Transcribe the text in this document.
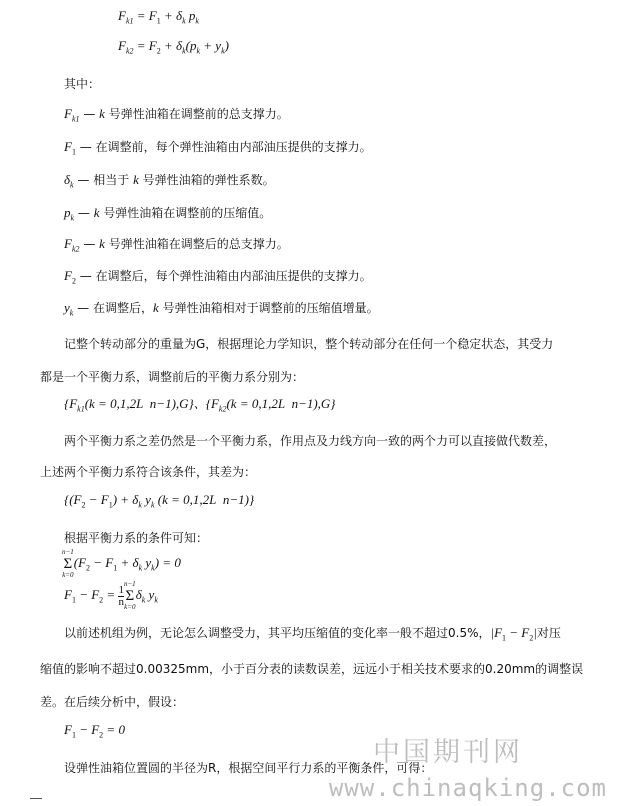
$F_{k1} = F_1 + \delta_k$ $p_k$
$F_{k2} = F_2 + \delta_k(p_k + y_k)$
其中：
$F_{k1}$ — k 号弹性油箱在调整前的总支撑力。
$F_1$ — 在调整前，每个弹性油箱由内部油压提供的支撑力。
$\delta_k$ — 相当于 k 号弹性油箱的弹性系数。
$p_k$ — k 号弹性油箱在调整前的压缩值。
$F_{k2}$ — k 号弹性油箱在调整后的总支撑力。
$F_2$ — 在调整后，每个弹性油箱由内部油压提供的支撑力。
$y_k$ — 在调整后，k 号弹性油箱相对于调整前的压缩值增量。
记整个转动部分的重量为G，根据理论力学知识，整个转动部分在任何一个稳定状态，其受力
都是一个平衡力系，调整前后的平衡力系分别为：
{$F_{k1}(k = 0,1,2L$  n−1),G}、{$F_{k2}(k = 0,1,2L$  n−1),G}
两个平衡力系之差仍然是一个平衡力系，作用点及力线方向一致的两个力可以直接做代数差，
上述两个平衡力系符合该条件，其差为：
{$(F_2 - F_1) + \delta_k$ $y_k$ (k = 0,1,2L  n−1)}
根据平衡力系的条件可知：
n−1
Σ
k=0
($F_2 - F_1 + \delta_k$ $y_k) = 0$
$F_1 - F_2 = \frac{1}{n}$
n−1
Σ
k=0
$\delta_k$ $y_k$
以前述机组为例，无论怎么调整受力，其平均压缩值的变化率一般不超过0.5%，$|F_1 - F_2|$对压
缩值的影响不超过0.00325mm，小于百分表的读数误差，远远小于相关技术要求的0.20mm的调整误
差。在后续分析中，假设：
$F_1 - F_2 = 0$
设弹性油箱位置圆的半径为R，根据空间平行力系的平衡条件，可得：
中国期刊网
www.chinaqking.com
